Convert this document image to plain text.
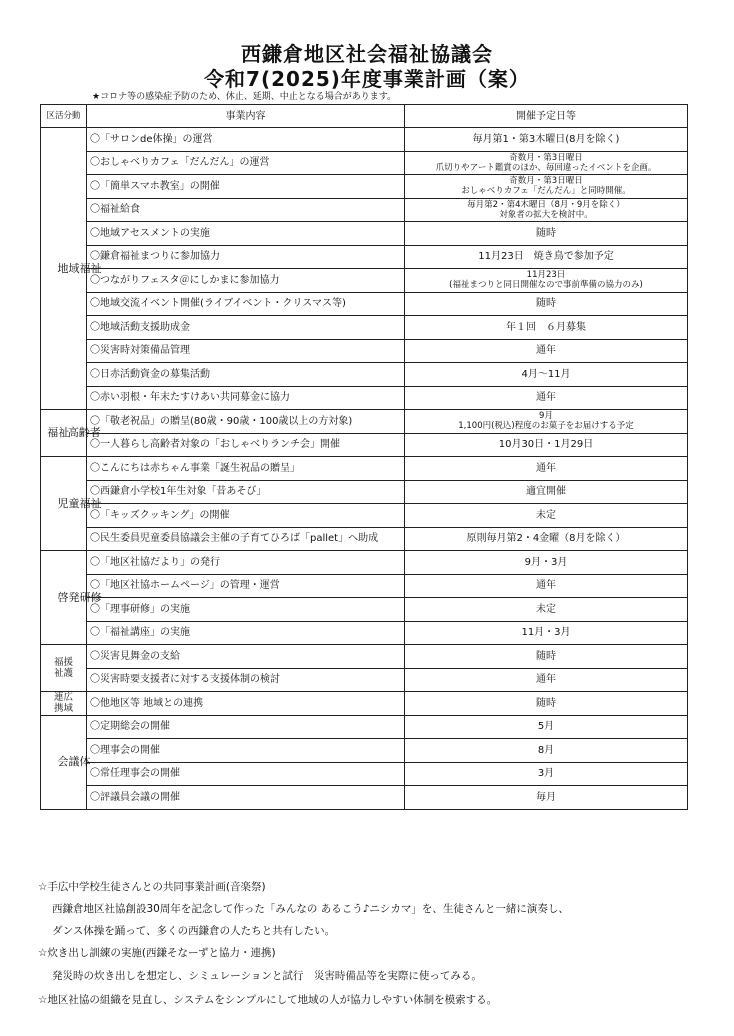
西鎌倉地区社会福祉協議会
令和7(2025)年度事業計画（案）
★コロナ等の感染症予防のため、休止、延期、中止となる場合があります。
区活分動	事業内容	開催予定日等

地域福祉	〇「サロンde体操」の運営	毎月第1・第3木曜日(8月を除く)
	〇おしゃべりカフェ「だんだん」の運営	奇数月・第3日曜日
爪切りやアート鑑賞のほか、毎回違ったイベントを企画。
	〇「簡単スマホ教室」の開催	奇数月・第3日曜日
おしゃべりカフェ「だんだん」と同時開催。
	〇福祉給食	毎月第2・第4木曜日（8月・9月を除く）
対象者の拡大を検討中。
	〇地域アセスメントの実施	随時
	〇鎌倉福祉まつりに参加協力	11月23日　焼き鳥で参加予定
	〇つながりフェスタ＠にしかまに参加協力	11月23日
(福祉まつりと同日開催なので事前準備の協力のみ)
	〇地域交流イベント開催(ライブイベント・クリスマス等)	随時
	〇地域活動支援助成金	年１回　６月募集
	〇災害時対策備品管理	通年
	〇日赤活動資金の募集活動	4月～11月
	〇赤い羽根・年末たすけあい共同募金に協力	通年

福祉
高齢者	〇「敬老祝品」の贈呈(80歳・90歳・100歳以上の方対象)	9月
1,100円(税込)程度のお菓子をお届けする予定
	〇一人暮らし高齢者対象の「おしゃべりランチ会」開催	10月30日・1月29日

児童福祉	〇こんにちは赤ちゃん事業「誕生祝品の贈呈」	通年
	〇西鎌倉小学校1年生対象「昔あそび」	適宜開催
	〇「キッズクッキング」の開催	未定
	〇民生委員児童委員協議会主催の子育てひろば「pallet」へ助成	原則毎月第2・4金曜（8月を除く）

啓発研修	〇「地区社協だより」の発行	9月・3月
	〇「地区社協ホームページ」の管理・運営	通年
	〇「理事研修」の実施	未定
	〇「福祉講座」の実施	11月・3月

福援祉護	〇災害見舞金の支給	随時
	〇災害時要支援者に対する支援体制の検討	通年

連広携域	〇他地区等 地域との連携	随時

会議体	〇定期総会の開催	5月
	〇理事会の開催	8月
	〇常任理事会の開催	3月
	〇評議員会議の開催	毎月
☆手広中学校生徒さんとの共同事業計画(音楽祭)
西鎌倉地区社協創設30周年を記念して作った「みんなの あるこう♪ニシカマ」を、生徒さんと一緒に演奏し、
ダンス体操を踊って、多くの西鎌倉の人たちと共有したい。
☆炊き出し訓練の実施(西鎌そなーずと協力・連携)
発災時の炊き出しを想定し、シミュレーションと試行　災害時備品等を実際に使ってみる。
☆地区社協の組織を見直し、システムをシンプルにして地域の人が協力しやすい体制を模索する。
